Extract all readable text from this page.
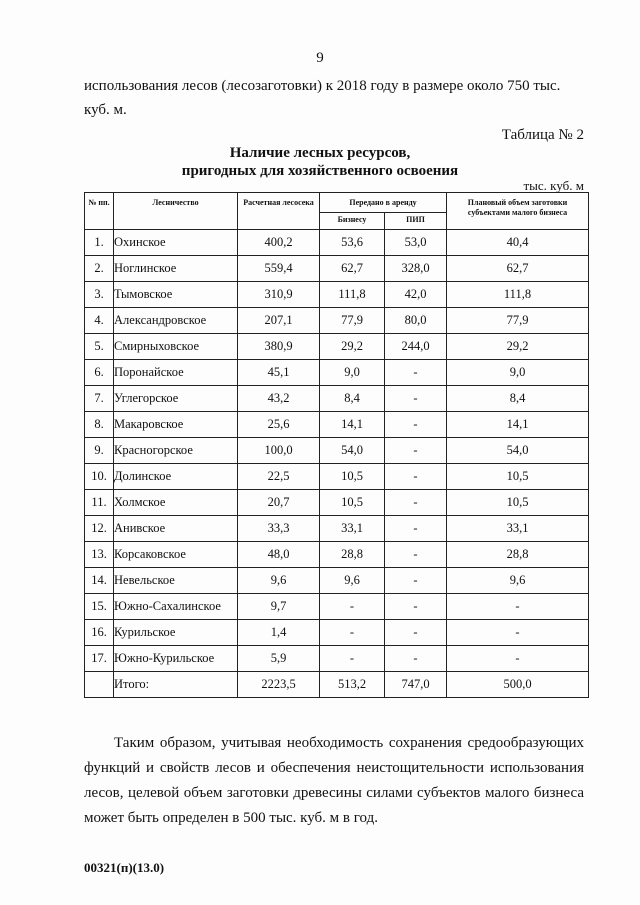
9

использования лесов (лесозаготовки) к 2018 году в размере около 750 тыс. куб. м.

Таблица № 2
Наличие лесных ресурсов,
пригодных для хозяйственного освоения
тыс. куб. м
№ пп.	Лесничество	Расчетная лесосека	Передано в аренду		Плановый объем заготовки субъектами малого бизнеса
			Бизнесу	ПИП	
1.	Охинское	400,2	53,6	53,0	40,4
2.	Ноглинское	559,4	62,7	328,0	62,7
3.	Тымовское	310,9	111,8	42,0	111,8
4.	Александровское	207,1	77,9	80,0	77,9
5.	Смирныховское	380,9	29,2	244,0	29,2
6.	Поронайское	45,1	9,0	-	9,0
7.	Углегорское	43,2	8,4	-	8,4
8.	Макаровское	25,6	14,1	-	14,1
9.	Красногорское	100,0	54,0	-	54,0
10.	Долинское	22,5	10,5	-	10,5
11.	Холмское	20,7	10,5	-	10,5
12.	Анивское	33,3	33,1	-	33,1
13.	Корсаковское	48,0	28,8	-	28,8
14.	Невельское	9,6	9,6	-	9,6
15.	Южно-Сахалинское	9,7	-	-	-
16.	Курильское	1,4	-	-	-
17.	Южно-Курильское	5,9	-	-	-
	Итого:	2223,5	513,2	747,0	500,0

Таким образом, учитывая необходимость сохранения средообразующих функций и свойств лесов и обеспечения неистощительности использования лесов, целевой объем заготовки древесины силами субъектов малого бизнеса может быть определен в 500 тыс. куб. м в год.

00321(п)(13.0)
